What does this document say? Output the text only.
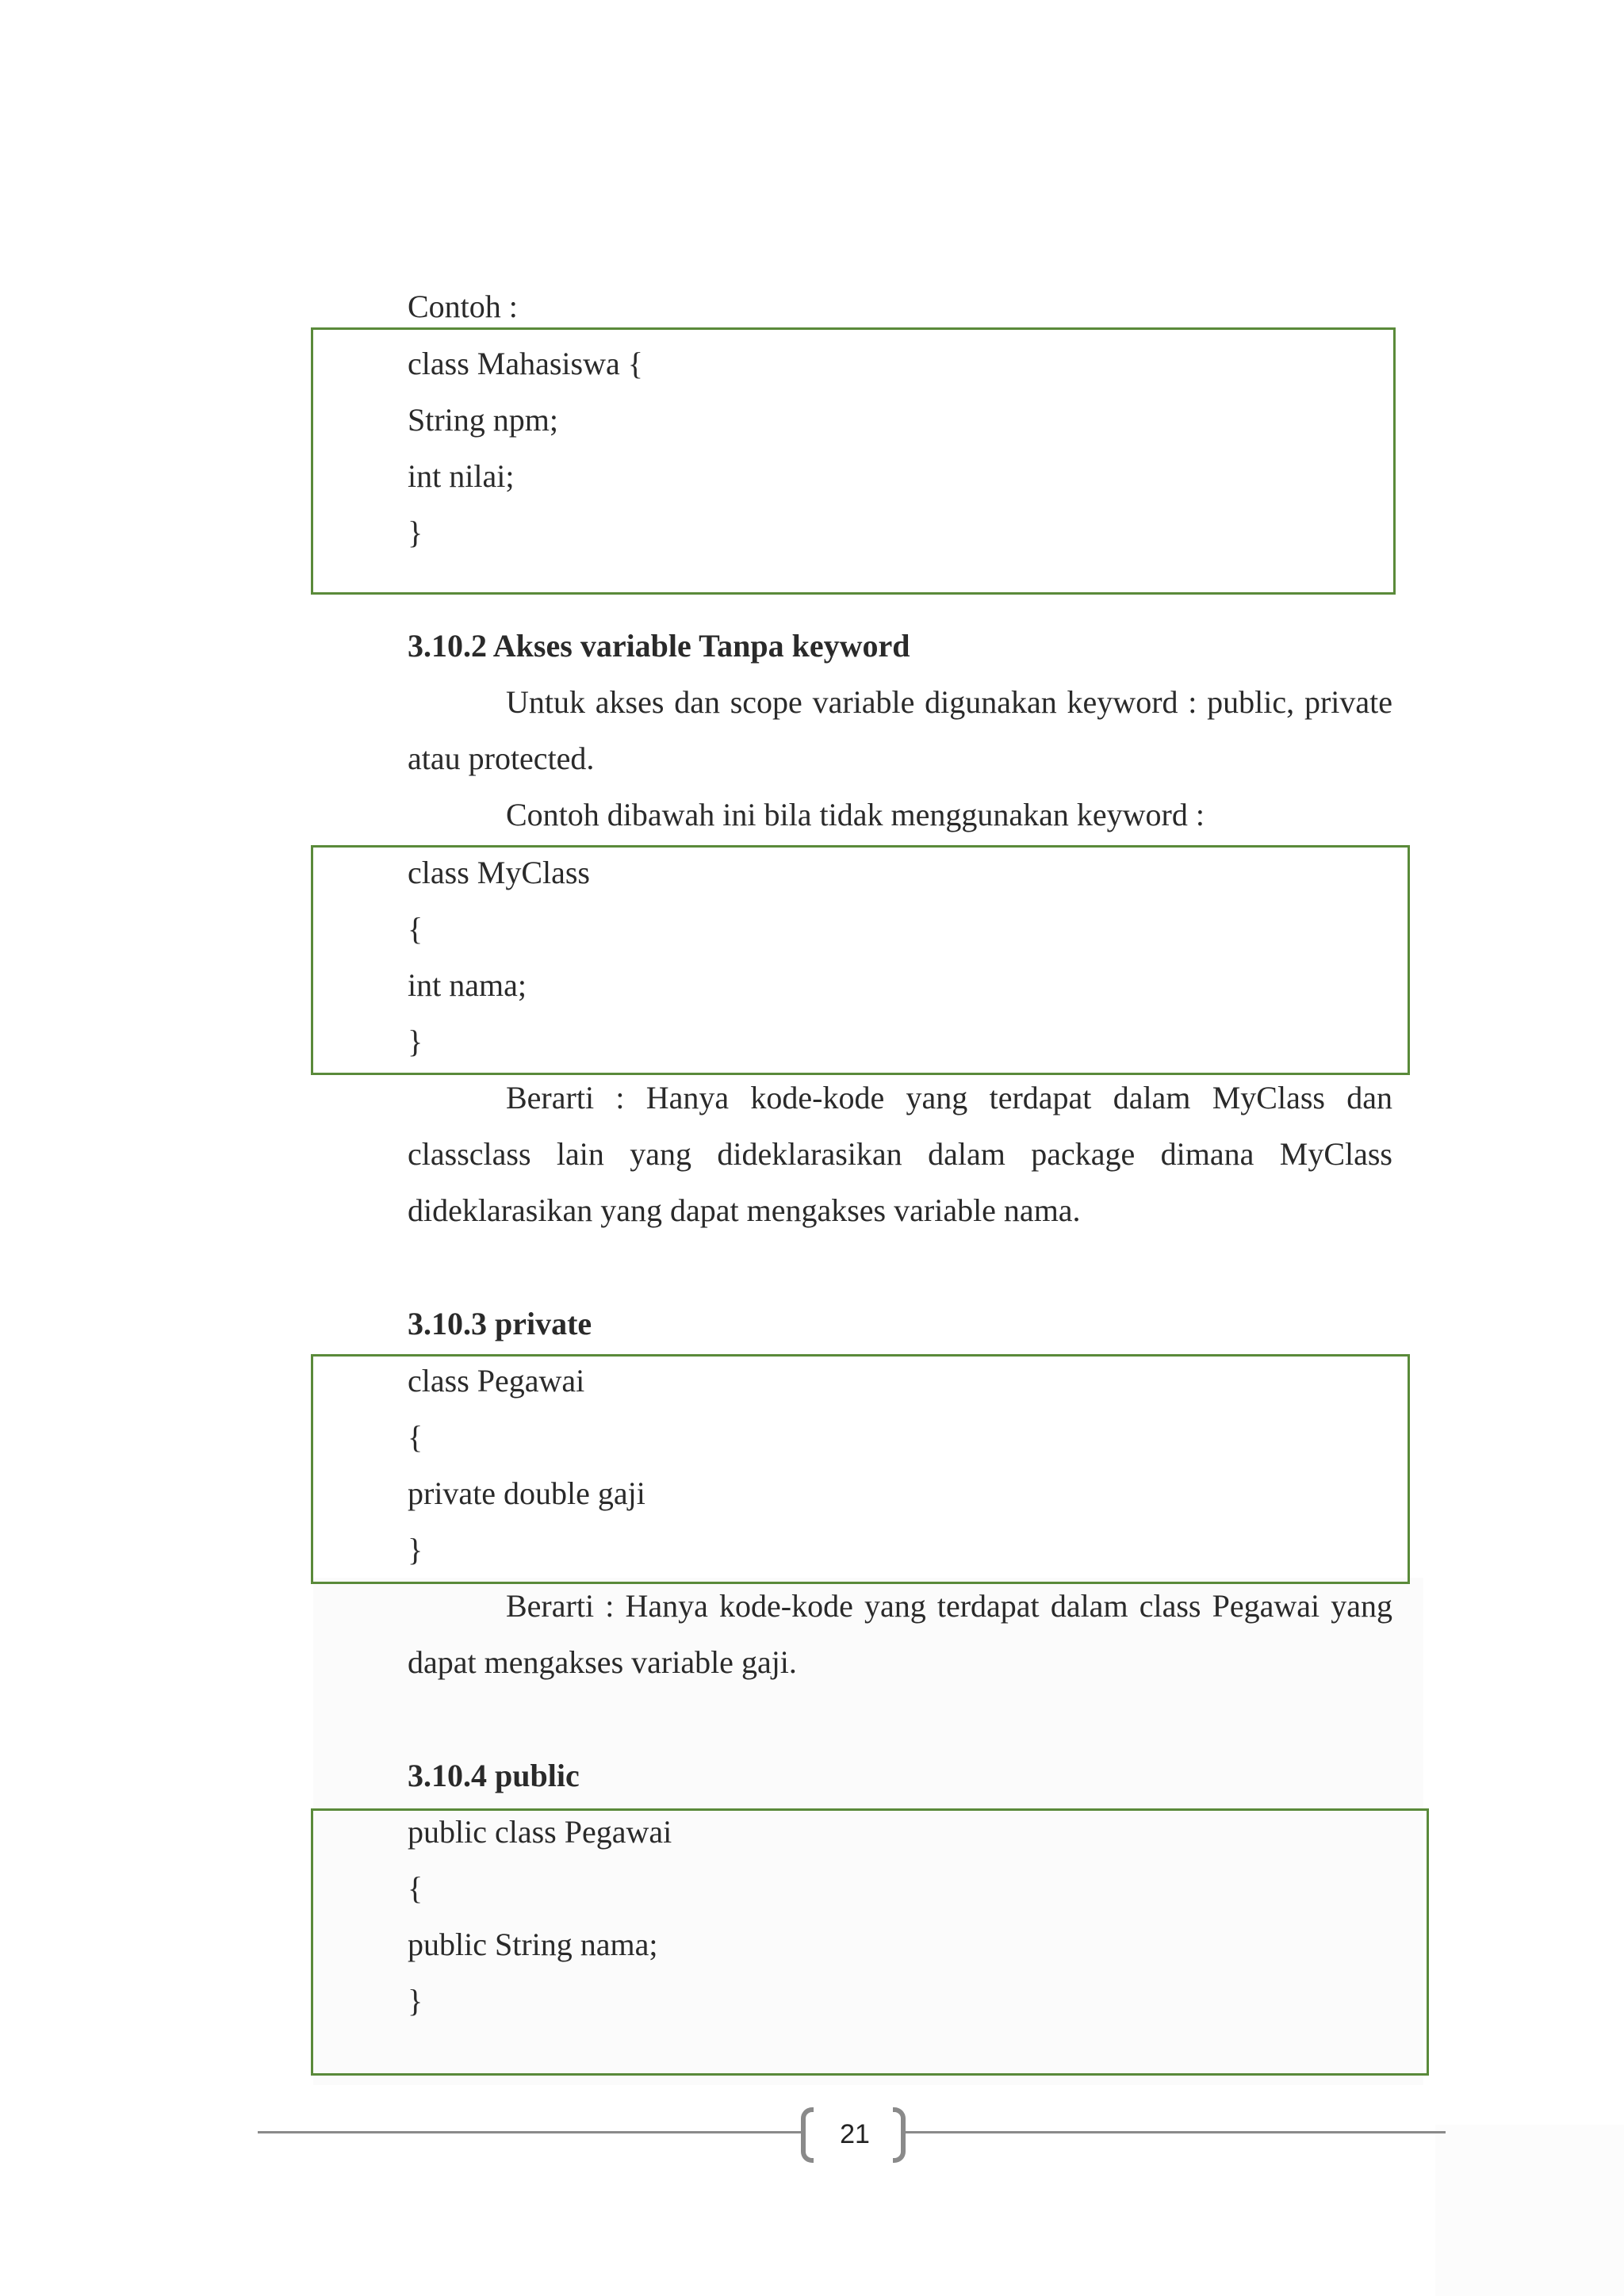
Contoh :
class Mahasiswa {
String npm;
int nilai;
}
3.10.2 Akses variable Tanpa keyword
Untuk akses dan scope variable digunakan keyword : public, private
atau protected.
Contoh dibawah ini bila tidak menggunakan keyword :
class MyClass
{
int nama;
}
Berarti : Hanya kode-kode yang terdapat dalam MyClass dan
classclass lain yang dideklarasikan dalam package dimana MyClass
dideklarasikan yang dapat mengakses variable nama.
3.10.3 private
class Pegawai
{
private double gaji
}
Berarti : Hanya kode-kode yang terdapat dalam class Pegawai yang
dapat mengakses variable gaji.
3.10.4 public
public class Pegawai
{
public String nama;
}
21
